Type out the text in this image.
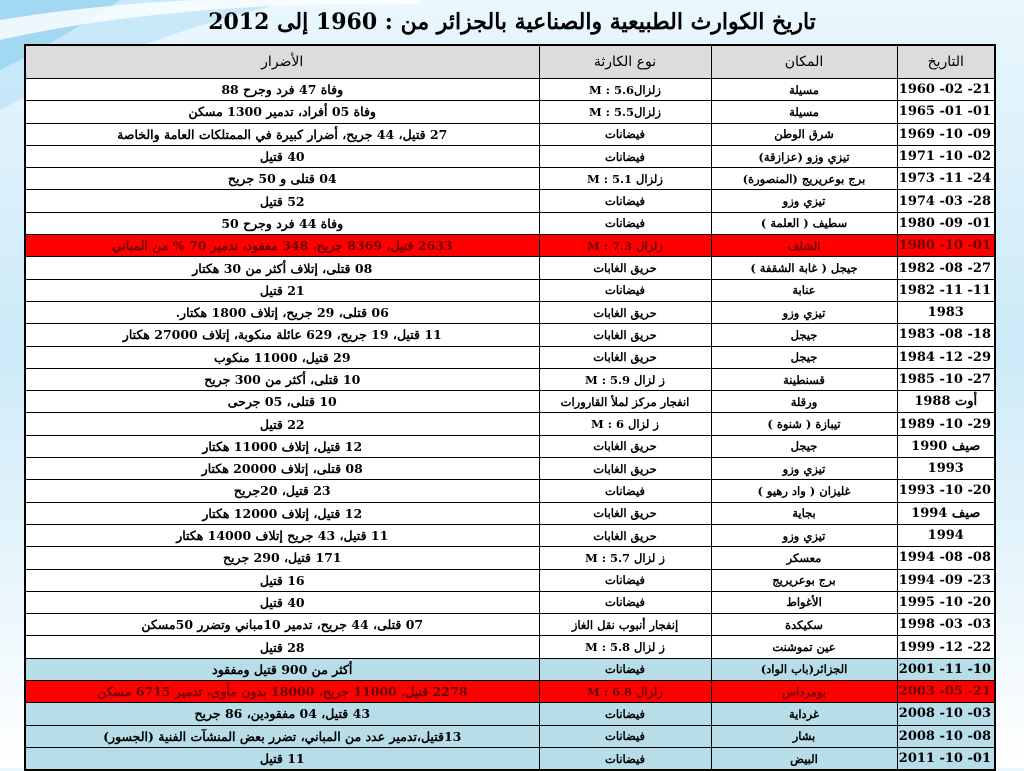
تاريخ الكوارث الطبيعية والصناعية بالجزائر من : 1960 إلى 2012
التاريخ	المكان	نوع الكارثة	الأضرار
21- 02- 1960	مسيلة	زلزالM : 5.6	وفاة 47 فرد وجرح 88
01- 01- 1965	مسيلة	زلزالM : 5.5	وفاة 05 أفراد، تدمير 1300 مسكن
09- 10- 1969	شرق الوطن	فيضانات	27 قتيل، 44 جريح، أضرار كبيرة في الممتلكات العامة والخاصة
02- 10- 1971	تيزي وزو (عزازقة)	فيضانات	40 قتيل
24- 11- 1973	برج بوعريريج (المنصورة)	زلزال M : 5.1	04 قتلى و 50 جريح
28- 03- 1974	تيزي وزو	فيضانات	52 قتيل
01- 09- 1980	سطيف ( العلمة )	فيضانات	وفاة 44 فرد وجرح 50
01- 10- 1980	الشلف	زلزال M : 7.3	2633 قتيل، 8369 جريح، 348 مفقود، تدمير 70 % من المباني
27- 08- 1982	جيجل ( غابة الشقفة )	حريق الغابات	08 قتلى، إتلاف أكثر من 30 هكتار
11- 11- 1982	عنابة	فيضانات	21 قتيل
1983	تيزي وزو	حريق الغابات	06 قتلى، 29 جريح، إتلاف 1800 هكتار.
18- 08- 1983	جيجل	حريق الغابات	11 قتيل، 19 جريح، 629 عائلة منكوبة، إتلاف 27000 هكتار
29- 12- 1984	جيجل	حريق الغابات	29 قتيل، 11000 منكوب
27- 10- 1985	قسنطينة	ز لزال M : 5.9	10 قتلى، أكثر من 300 جريح
أوت 1988	ورقلة	انفجار مركز لملأ القارورات	10 قتلى، 05 جرحى
29- 10- 1989	تيبازة ( شنوة )	ز لزال M : 6	22 قتيل
صيف 1990	جيجل	حريق الغابات	12 قتيل، إتلاف 11000 هكتار
1993	تيزي وزو	حريق الغابات	08 قتلى، إتلاف 20000 هكتار
20- 10- 1993	غليزان ( واد رهيو )	فيضانات	23 قتيل، 20جريح
صيف 1994	بجاية	حريق الغابات	12 قتيل، إتلاف 12000 هكتار
1994	تيزي وزو	حريق الغابات	11 قتيل، 43 جريح إتلاف 14000 هكتار
08- 08- 1994	معسكر	ز لزال M : 5.7	171 قتيل، 290 جريح
23- 09- 1994	برج بوعريريج	فيضانات	16 قتيل
20- 10- 1995	الأغواط	فيضانات	40 قتيل
03- 03- 1998	سكيكدة	إنفجار أنبوب نقل الغاز	07 قتلى، 44 جريح، تدمير 10مباني وتضرر 50مسكن
22- 12- 1999	عين تموشنت	ز لزال M : 5.8	28 قتيل
10- 11- 2001	الجزائر(باب الواد)	فيضانات	أكثر من 900 قتيل ومفقود
21- 05- 2003	بومرداس	زلزال M : 6.8	2278 قتيل، 11000 جريح، 18000 بدون مأوى، تدمير 6715 مسكن
03- 10- 2008	غرداية	فيضانات	43 قتيل، 04 مفقودين، 86 جريح
08- 10- 2008	بشار	فيضانات	13قتيل،تدمير عدد من المباني، تضرر بعض المنشآت الفنية (الجسور)
01- 10- 2011	البيض	فيضانات	11 قتيل
